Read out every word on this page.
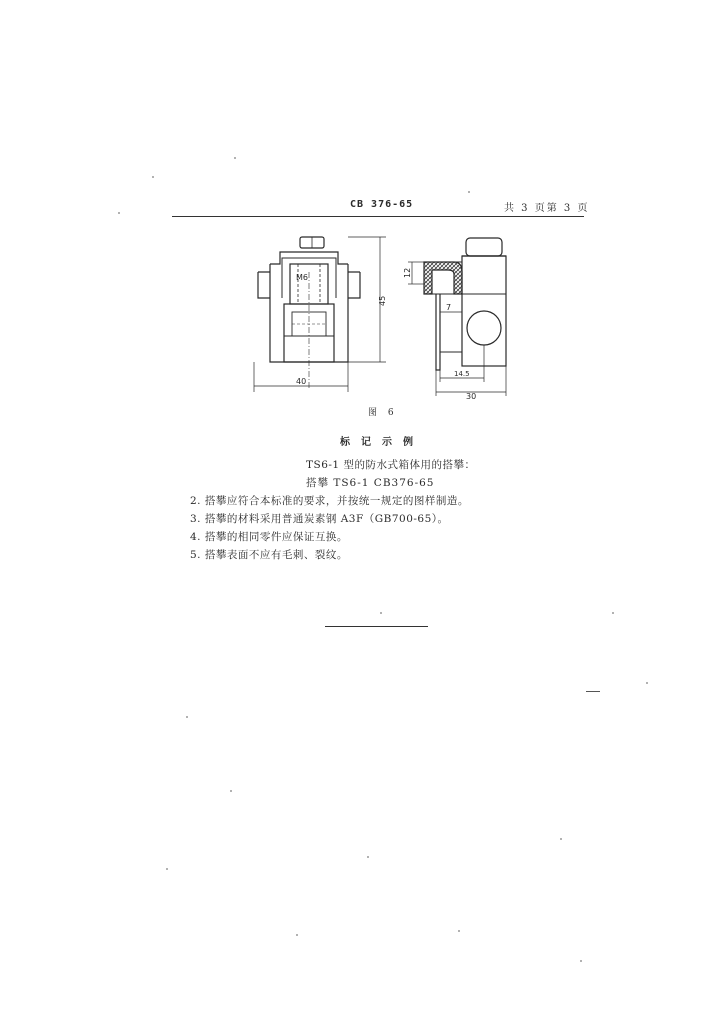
CB 376-65	共 3 页第 3 页
M6
45
40
12
7
14.5
30
图 6
标记示例
TS6-1 型的防水式箱体用的搭攀：
搭攀 TS6-1 CB376-65
2. 搭攀应符合本标准的要求，并按统一规定的图样制造。
3. 搭攀的材料采用普通炭素钢 A3F（GB700-65）。
4. 搭攀的相同零件应保证互换。
5. 搭攀表面不应有毛刺、裂纹。
